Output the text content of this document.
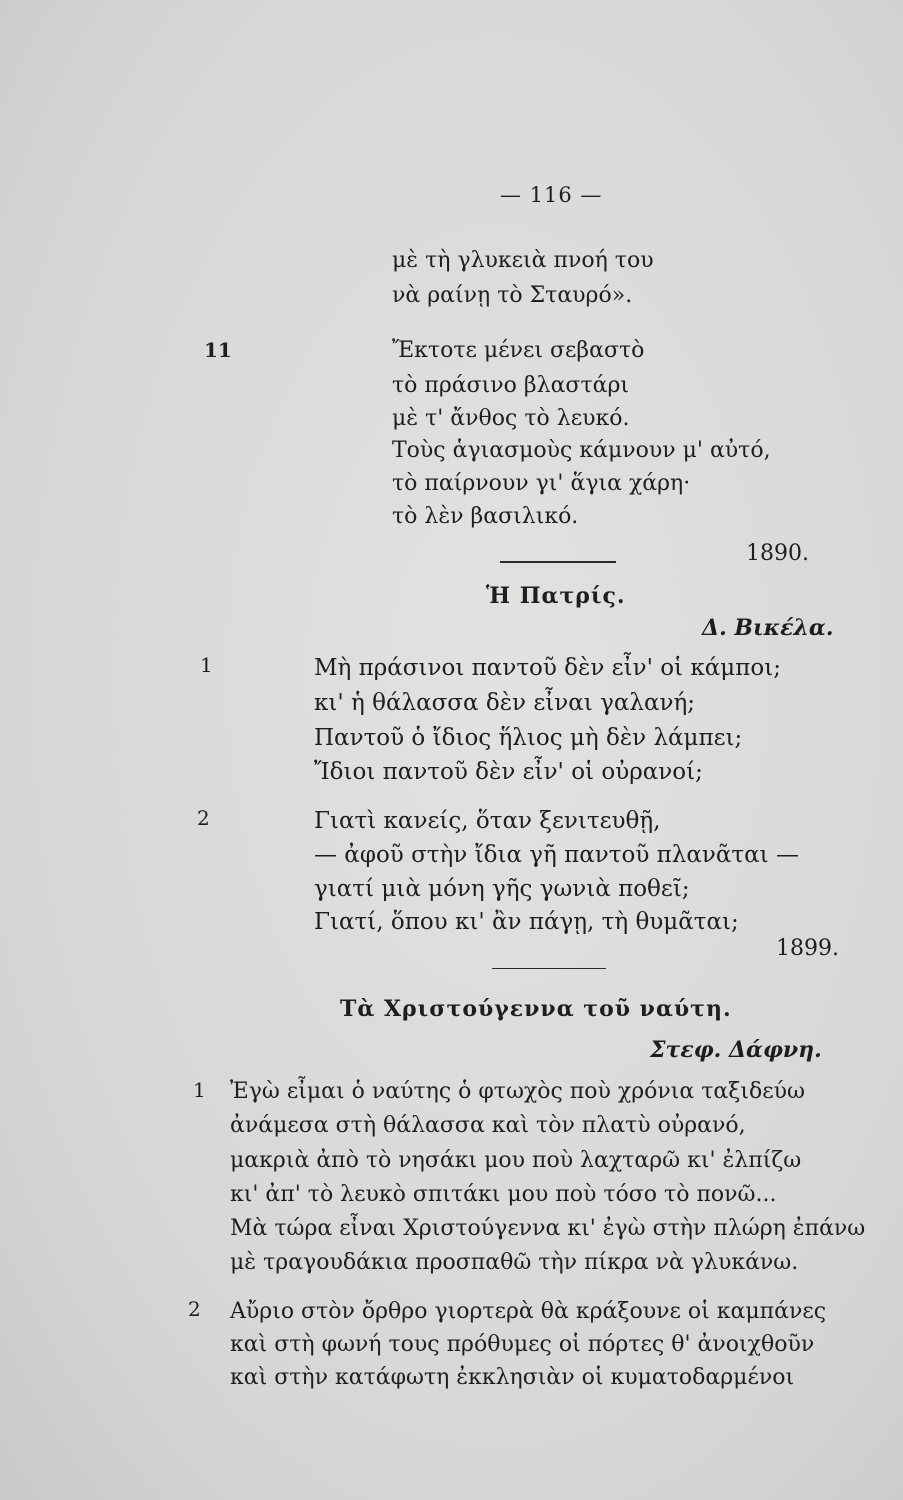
— 116 —
μὲ τὴ γλυκειὰ πνοή του
νὰ ραίνῃ τὸ Σταυρό».
11	Ἔκτοτε μένει σεβαστὸ
τὸ πράσινο βλαστάρι
μὲ τ' ἄνθος τὸ λευκό.
Τοὺς ἁγιασμοὺς κάμνουν μ' αὐτό,
τὸ παίρνουν γι' ἅγια χάρη·
τὸ λὲν βασιλικό.
1890.
Ἡ Πατρίς.
Δ. Βικέλα.
1	Μὴ πράσινοι παντοῦ δὲν εἶν' οἱ κάμποι;
κι' ἡ θάλασσα δὲν εἶναι γαλανή;
Παντοῦ ὁ ἴδιος ἥλιος μὴ δὲν λάμπει;
Ἴδιοι παντοῦ δὲν εἶν' οἱ οὐρανοί;
2	Γιατὶ κανείς, ὅταν ξενιτευθῇ,
— ἀφοῦ στὴν ἴδια γῆ παντοῦ πλανᾶται —
γιατί μιὰ μόνη γῆς γωνιὰ ποθεῖ;
Γιατί, ὅπου κι' ἂν πάγῃ, τὴ θυμᾶται;
1899.
Τὰ Χριστούγεννα τοῦ ναύτη.
Στεφ. Δάφνη.
1 Ἐγὼ εἶμαι ὁ ναύτης ὁ φτωχὸς ποὺ χρόνια ταξιδεύω
ἀνάμεσα στὴ θάλασσα καὶ τὸν πλατὺ οὐρανό,
μακριὰ ἀπὸ τὸ νησάκι μου ποὺ λαχταρῶ κι' ἐλπίζω
κι' ἀπ' τὸ λευκὸ σπιτάκι μου ποὺ τόσο τὸ πονῶ...
Μὰ τώρα εἶναι Χριστούγεννα κι' ἐγὼ στὴν πλώρη ἐπάνω
μὲ τραγουδάκια προσπαθῶ τὴν πίκρα νὰ γλυκάνω.
2 Αὔριο στὸν ὄρθρο γιορτερὰ θὰ κράξουνε οἱ καμπάνες
καὶ στὴ φωνή τους πρόθυμες οἱ πόρτες θ' ἀνοιχθοῦν
καὶ στὴν κατάφωτη ἐκκλησιὰν οἱ κυματοδαρμένοι
